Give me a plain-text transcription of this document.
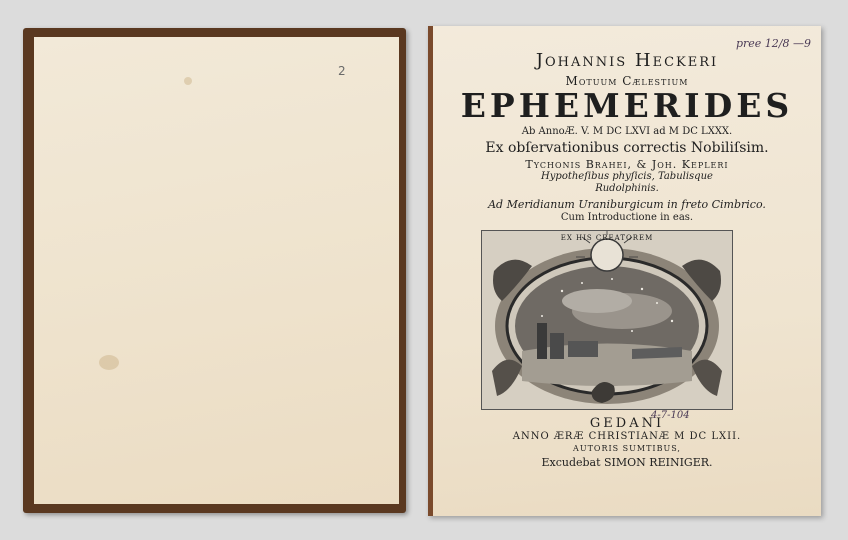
2
pree 12/8 —9
Johannis Heckeri
Motuum Cælestium
EPHEMERIDES
Ab AnnoÆ. V. M DC LXVI ad M DC LXXX.
Ex obſervationibus correctis Nobiliſsim.
Tychonis Brahei, & Joh. Kepleri
Hypotheſibus phyſicis, Tabulisque
Rudolphinis.
Ad Meridianum Uraniburgicum in freto Cimbrico.
Cum Introductione in eas.
EX HIS CREATOREM
GEDANI
4-7-104
ANNO ÆRÆ CHRISTIANÆ M DC LXII.
AUTORIS SUMTIBUS,
Excudebat SIMON REINIGER.
